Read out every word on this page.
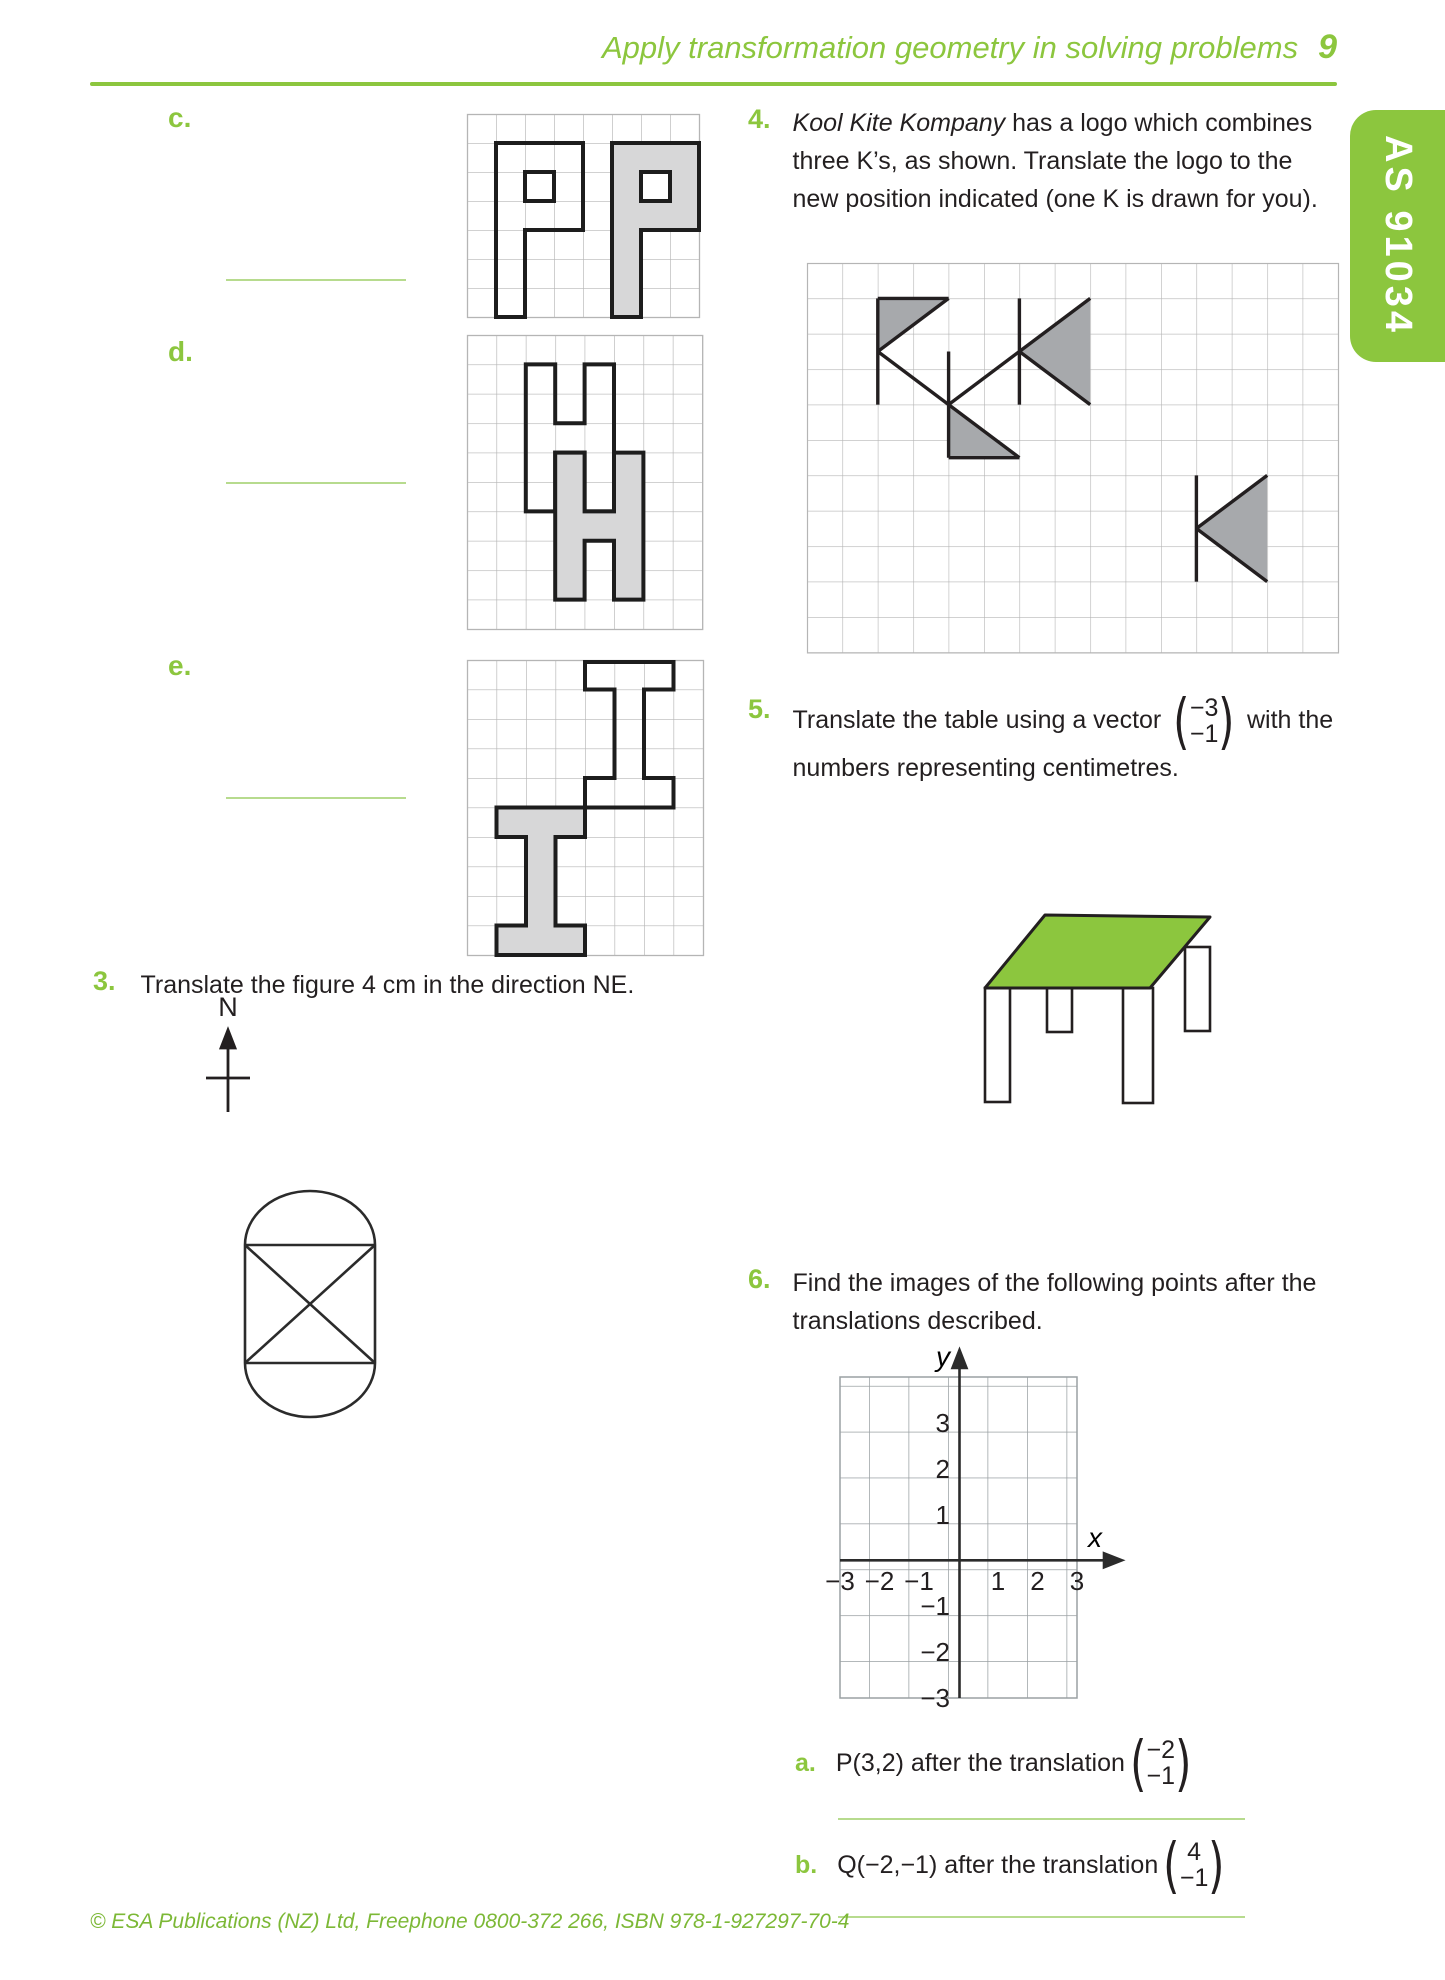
Apply transformation geometry in solving problems 9
AS 91034
c.
d.
e.
3. Translate the figure 4 cm in the direction NE.
N
4. Kool Kite Kompany has a logo which combines three K’s, as shown. Translate the logo to the new position indicated (one K is drawn for you).
5. Translate the table using a vector ( −3
−1 ) with the numbers representing centimetres.
6. Find the images of the following points after the translations described.
y
x
3
2
1
−1
−2
−3
−3 −2 −1 1 2 3
a. P(3,2) after the translation ( −2
−1 )
b. Q(−2,−1) after the translation ( 4
−1 )
© ESA Publications (NZ) Ltd, Freephone 0800-372 266, ISBN 978-1-927297-70-4
